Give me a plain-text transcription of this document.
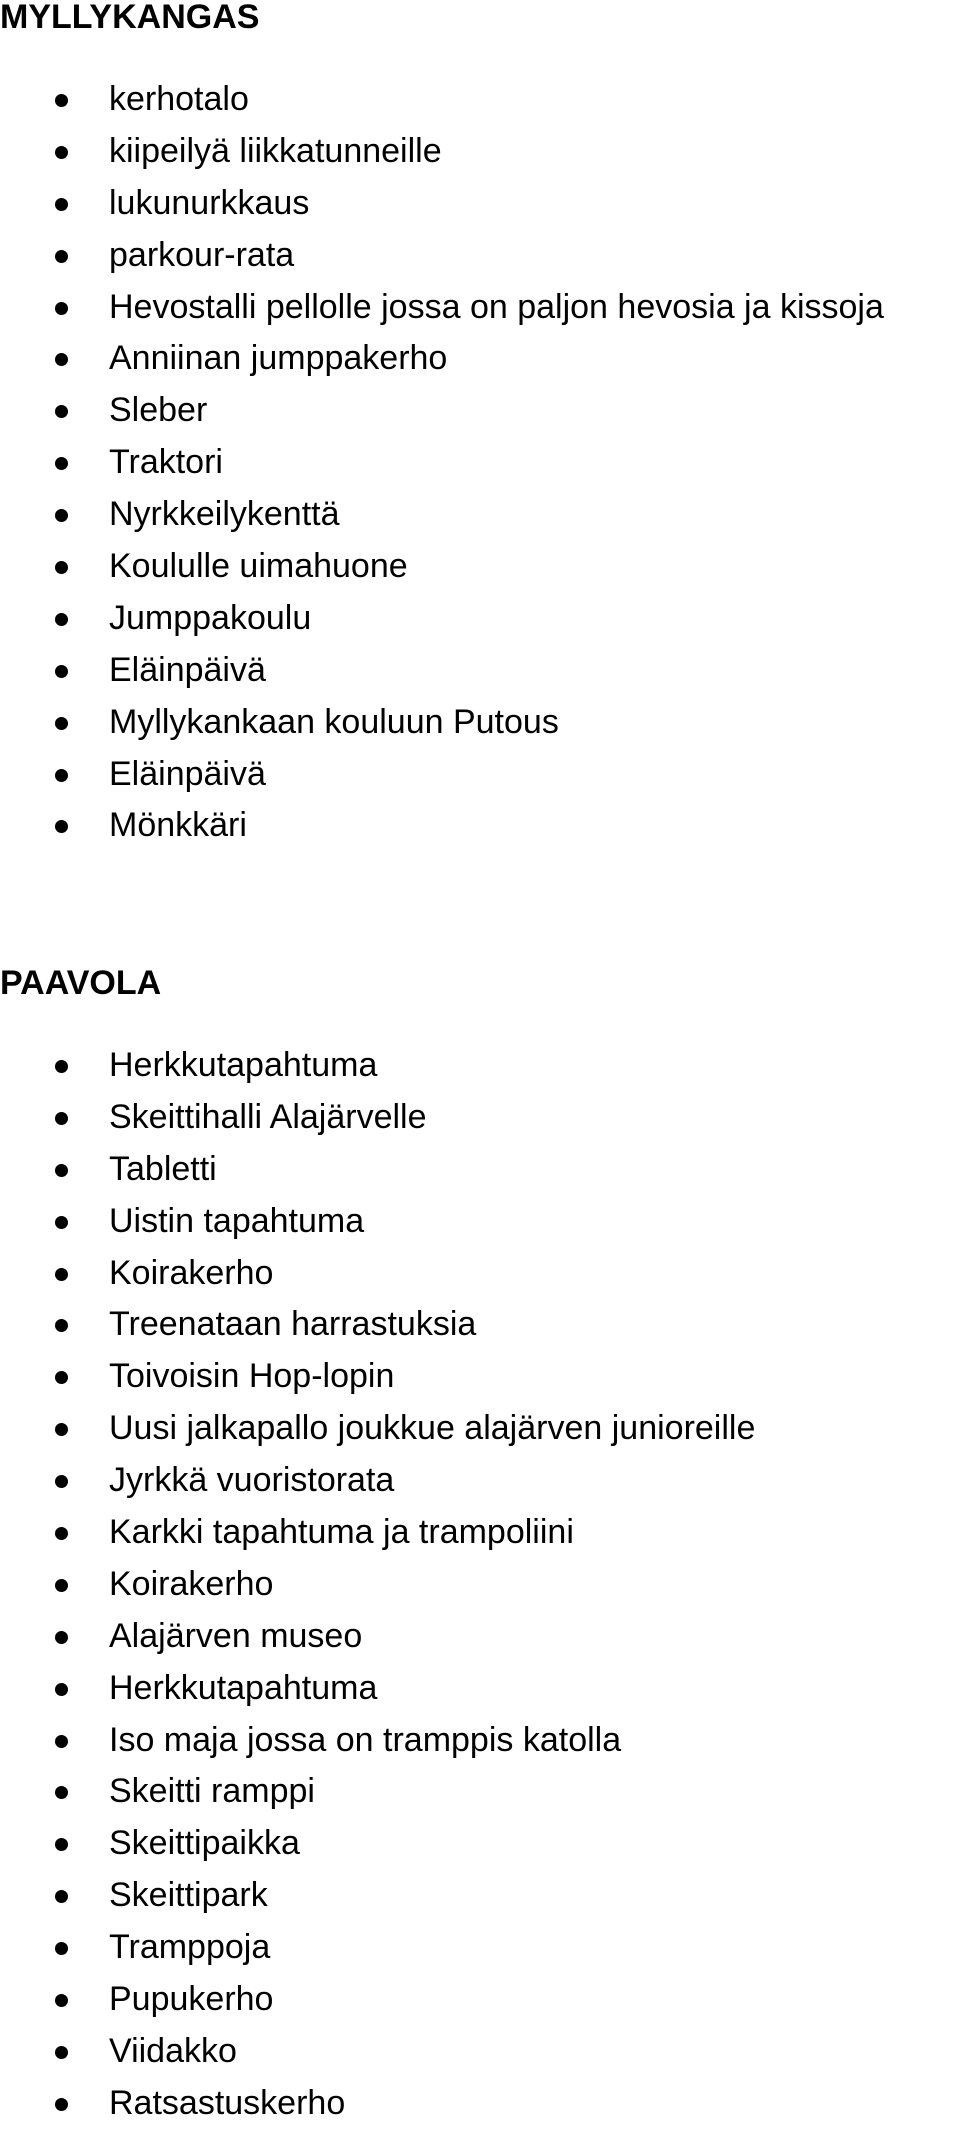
MYLLYKANGAS
kerhotalo
kiipeilyä liikkatunneille
lukunurkkaus
parkour-rata
Hevostalli pellolle jossa on paljon hevosia ja kissoja
Anniinan jumppakerho
Sleber
Traktori
Nyrkkeilykenttä
Koululle uimahuone
Jumppakoulu
Eläinpäivä
Myllykankaan kouluun Putous
Eläinpäivä
Mönkkäri
PAAVOLA
Herkkutapahtuma
Skeittihalli Alajärvelle
Tabletti
Uistin tapahtuma
Koirakerho
Treenataan harrastuksia
Toivoisin Hop-lopin
Uusi jalkapallo joukkue alajärven junioreille
Jyrkkä vuoristorata
Karkki tapahtuma ja trampoliini
Koirakerho
Alajärven museo
Herkkutapahtuma
Iso maja jossa on tramppis katolla
Skeitti ramppi
Skeittipaikka
Skeittipark
Tramppoja
Pupukerho
Viidakko
Ratsastuskerho
